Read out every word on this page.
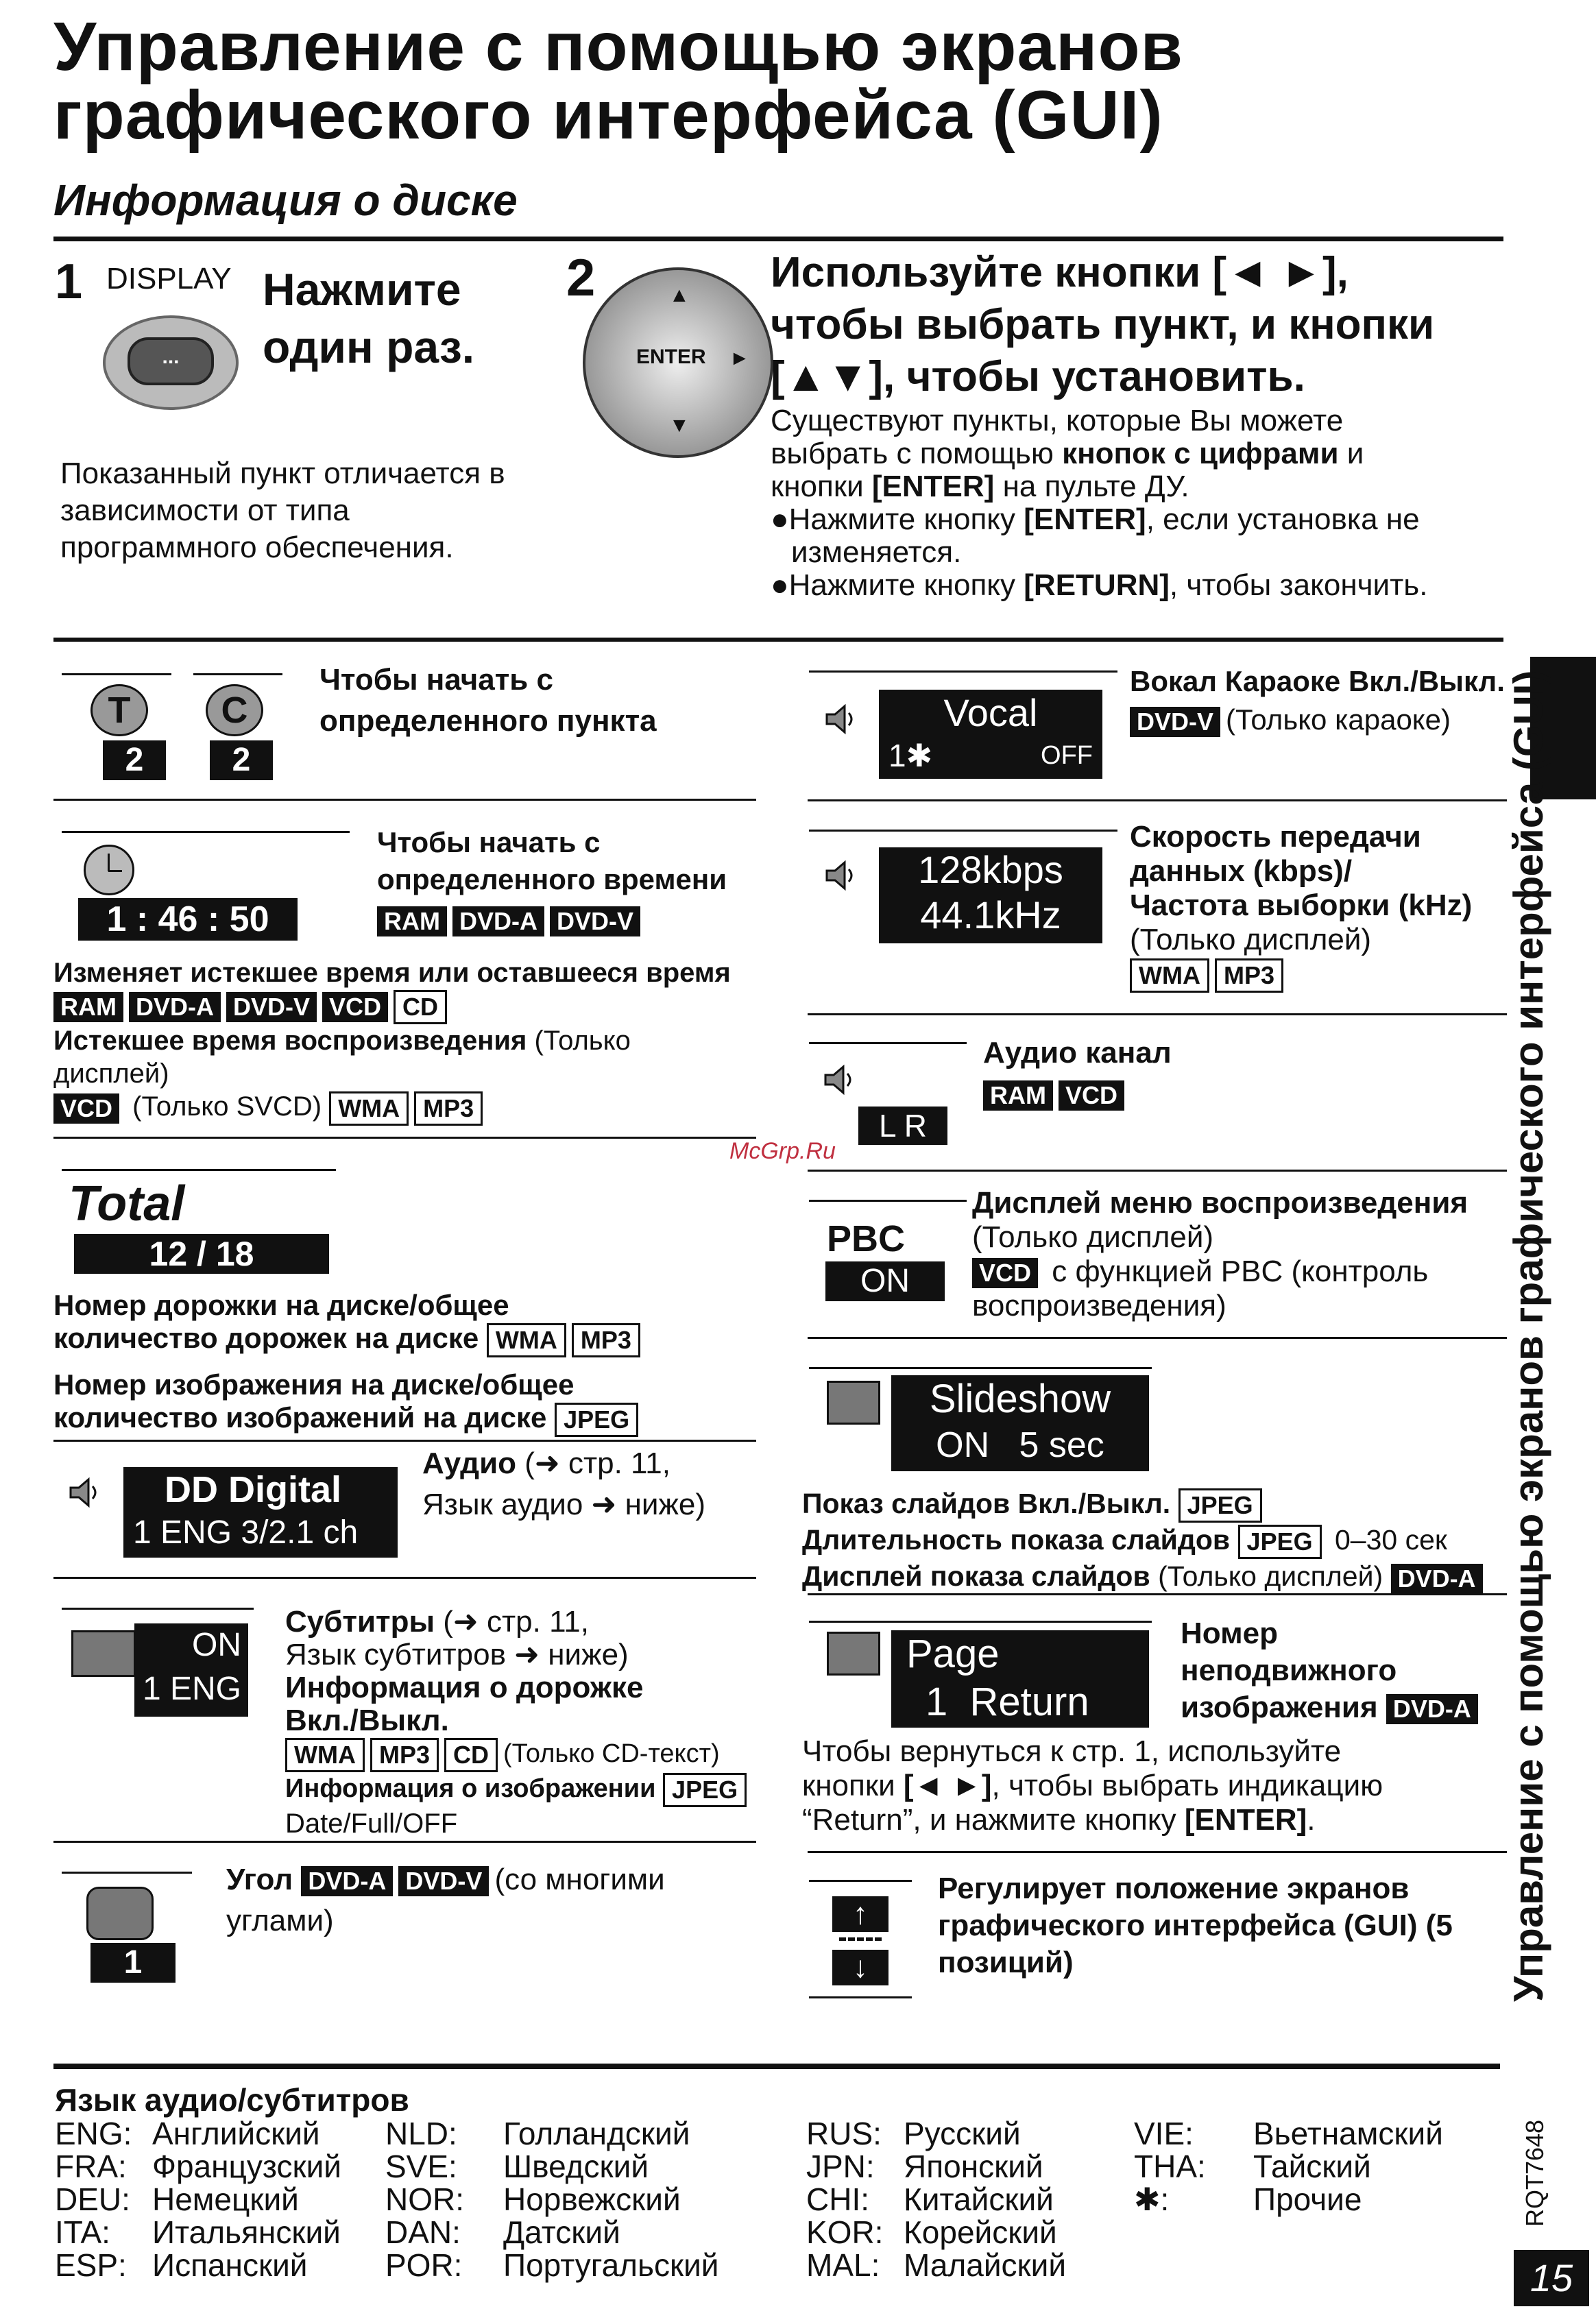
Управление с помощью экранов
графического интерфейса (GUI)
Информация о диске
1 DISPLAY Нажмите
один раз.
...
Показанный пункт отличается в
зависимости от типа
программного обеспечения.
2
ENTER
▲
▼
►
Используйте кнопки [◄ ►],
чтобы выбрать пункт, и кнопки
[▲▼], чтобы установить.
Существуют пункты, которые Вы можете
выбрать с помощью кнопок с цифрами и
кнопки [ENTER] на пульте ДУ.
●Нажмите кнопку [ENTER], если установка не
изменяется.
●Нажмите кнопку [RETURN], чтобы закончить.
T	C
2	2
Чтобы начать с
определенного пункта
1 : 46 : 50
Чтобы начать с
определенного времени
RAM DVD-A DVD-V
Изменяет истекшее время или оставшееся время
RAM DVD-A DVD-V VCD CD
Истекшее время воспроизведения (Только
дисплей)
VCD (Только SVCD) WMA MP3
Total
12 / 18
Номер дорожки на диске/общее
количество дорожек на диске WMA MP3
Номер изображения на диске/общее
количество изображений на диске JPEG
DD Digital
1 ENG 3/2.1 ch
Аудио (➜ стр. 11,
Язык аудио ➜ ниже)
ON
1 ENG
Субтитры (➜ стр. 11,
Язык субтитров ➜ ниже)
Информация о дорожке
Вкл./Выкл.
WMA MP3 CD (Только CD-текст)
Информация о изображении JPEG
Date/Full/OFF
1
Угол DVD-A DVD-V (со многими
углами)
Vocal
1✱	OFF
Вокал Караоке Вкл./Выкл.
DVD-V (Только караоке)
128kbps
44.1kHz
Скорость передачи
данных (kbps)/
Частота выборки (kHz)
(Только дисплей)
WMA MP3
L R
Аудио канал
RAM VCD
PBC
ON
Дисплей меню воспроизведения
(Только дисплей)
VCD с функцией PBC (контроль
воспроизведения)
Slideshow
ON 5 sec
Показ слайдов Вкл./Выкл. JPEG
Длительность показа слайдов JPEG 0–30 сек
Дисплей показа слайдов (Только дисплей) DVD-A
Page
1 Return
Номер
неподвижного
изображения DVD-A
Чтобы вернуться к стр. 1, используйте
кнопки [◄ ►], чтобы выбрать индикацию
“Return”, и нажмите кнопку [ENTER].
↑
↓
Регулирует положение экранов
графического интерфейса (GUI) (5
позиций)
Язык аудио/субтитров
ENG: Английский
FRA: Французский
DEU: Немецкий
ITA: Итальянский
ESP: Испанский
NLD: Голландский
SVE: Шведский
NOR: Норвежский
DAN: Датский
POR: Португальский
RUS: Русский
JPN: Японский
CHI: Китайский
KOR: Корейский
MAL: Малайский
VIE: Вьетнамский
THA: Тайский
✱:	Прочие
Управление с помощью экранов графического интерфейса (GUI)
RQT7648
15
McGrp.Ru
